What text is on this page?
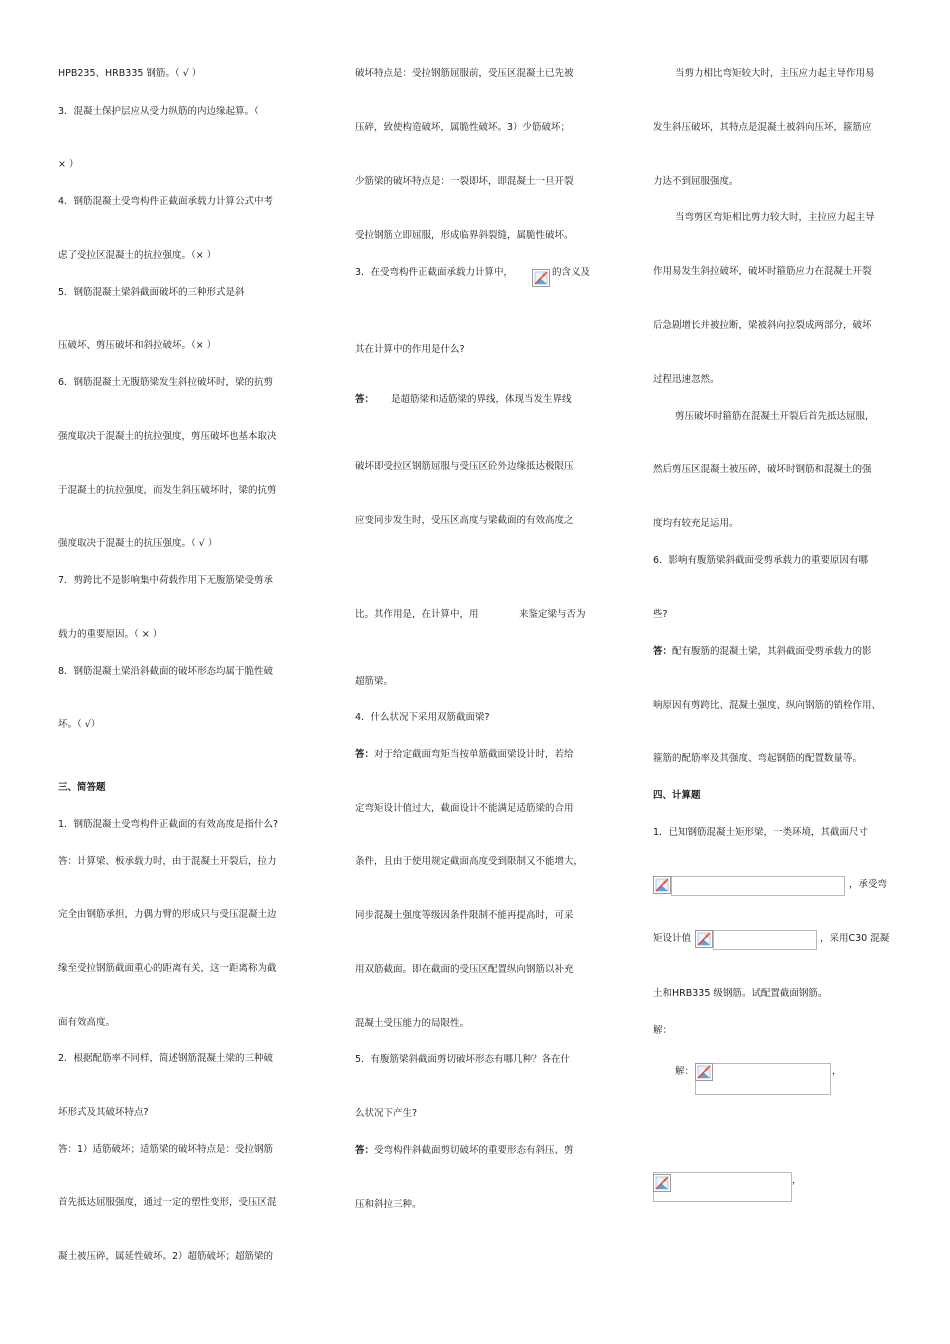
HPB235、HRB335 钢筋。（ √ ）
3．混凝土保护层应从受力纵筋的内边缘起算。（
× ）
4．钢筋混凝土受弯构件正截面承载力计算公式中考
虑了受拉区混凝土的抗拉强度。（× ）
5．钢筋混凝土梁斜截面破坏的三种形式是斜
压破坏、剪压破坏和斜拉破坏。（× ）
6．钢筋混凝土无腹筋梁发生斜拉破坏时，梁的抗剪
强度取决于混凝土的抗拉强度，剪压破坏也基本取决
于混凝土的抗拉强度，而发生斜压破坏时，梁的抗剪
强度取决于混凝土的抗压强度。（ √ ）
7．剪跨比不是影响集中荷载作用下无腹筋梁受剪承
载力的重要原因。（ × ）
8．钢筋混凝土梁沿斜截面的破坏形态均属于脆性破
坏。（ √）
三、简答题
1．钢筋混凝土受弯构件正截面的有效高度是指什么?
答：计算梁、板承载力时，由于混凝土开裂后，拉力
完全由钢筋承担，力偶力臂的形成只与受压混凝土边
缘至受拉钢筋截面重心的距离有关，这一距离称为截
面有效高度。
2．根据配筋率不同样，简述钢筋混凝土梁的三种破
坏形式及其破坏特点?
答：1）适筋破坏；适筋梁的破坏特点是：受拉钢筋
首先抵达屈服强度，通过一定的塑性变形，受压区混
凝土被压碎，属延性破坏。2）超筋破坏；超筋梁的
破坏特点是：受拉钢筋屈服前，受压区混凝土已先被
压碎，致使构造破坏，属脆性破坏。3）少筋破坏；
少筋梁的破坏特点是：一裂即坏，即混凝土一旦开裂
受拉钢筋立即屈服，形成临界斜裂缝，属脆性破坏。
3．在受弯构件正截面承载力计算中，	的含义及
其在计算中的作用是什么?
答： 是超筋梁和适筋梁的界线，体现当发生界线
破坏即受拉区钢筋屈服与受压区砼外边缘抵达极限压
应变同步发生时，受压区高度与梁截面的有效高度之
比。其作用是，在计算中，用	来鉴定梁与否为
超筋梁。
4．什么状况下采用双筋截面梁?
答： 对于给定截面弯矩当按单筋截面梁设计时，若给
定弯矩设计值过大，截面设计不能满足适筋梁的合用
条件，且由于使用规定截面高度受到限制又不能增大，
同步混凝土强度等级因条件限制不能再提高时，可采
用双筋截面。即在截面的受压区配置纵向钢筋以补充
混凝土受压能力的局限性。
5．有腹筋梁斜截面剪切破坏形态有哪几种？各在什
么状况下产生?
答： 受弯构件斜截面剪切破坏的重要形态有斜压、剪
压和斜拉三种。
当剪力相比弯矩较大时，主压应力起主导作用易
发生斜压破坏，其特点是混凝土被斜向压坏，箍筋应
力达不到屈服强度。
当弯剪区弯矩相比剪力较大时，主拉应力起主导
作用易发生斜拉破坏，破坏时箍筋应力在混凝土开裂
后急剧增长并被拉断，梁被斜向拉裂成两部分，破坏
过程迅速忽然。
剪压破坏时箍筋在混凝土开裂后首先抵达屈服，
然后剪压区混凝土被压碎，破坏时钢筋和混凝土的强
度均有较充足运用。
6．影响有腹筋梁斜截面受剪承载力的重要原因有哪
些?
答： 配有腹筋的混凝土梁，其斜截面受剪承载力的影
响原因有剪跨比、混凝土强度、纵向钢筋的销栓作用、
箍筋的配筋率及其强度、弯起钢筋的配置数量等。
四、计算题
1．已知钢筋混凝土矩形梁，一类环境，其截面尺寸
，承受弯
矩设计值	，采用C30 混凝
土和HRB335 级钢筋。试配置截面钢筋。
解：
解：	，
，
